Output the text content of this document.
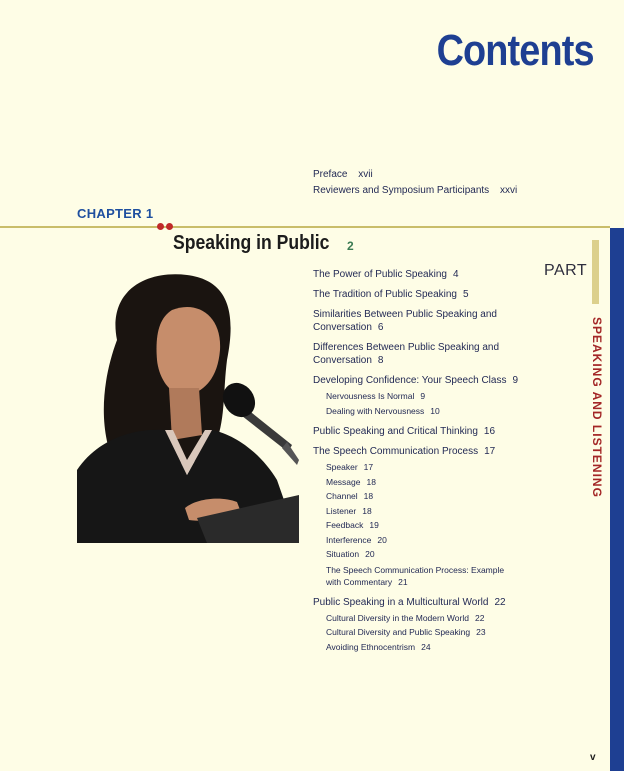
Contents
Preface xvii
Reviewers and Symposium Participants xxvi
CHAPTER 1
Speaking in Public 2
The Power of Public Speaking 4
The Tradition of Public Speaking 5
Similarities Between Public Speaking and Conversation 6
Differences Between Public Speaking and Conversation 8
Developing Confidence: Your Speech Class 9
Nervousness Is Normal 9
Dealing with Nervousness 10
Public Speaking and Critical Thinking 16
The Speech Communication Process 17
Speaker 17
Message 18
Channel 18
Listener 18
Feedback 19
Interference 20
Situation 20
The Speech Communication Process: Example with Commentary 21
Public Speaking in a Multicultural World 22
Cultural Diversity in the Modern World 22
Cultural Diversity and Public Speaking 23
Avoiding Ethnocentrism 24
PART
SPEAKING AND LISTENING
v
